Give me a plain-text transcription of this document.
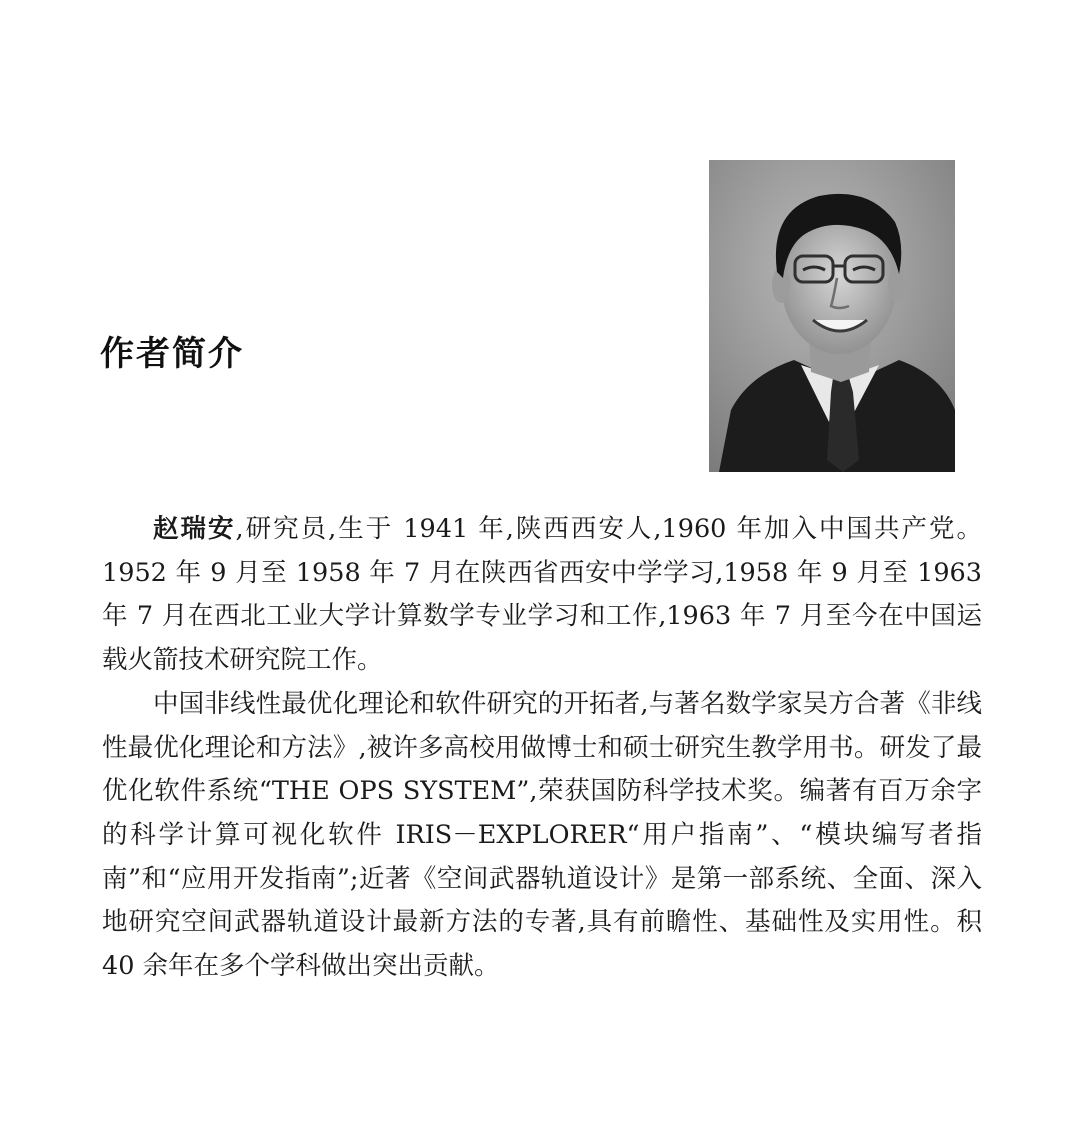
作者简介

赵瑞安,研究员,生于 1941 年,陕西西安人,1960 年加入中国共产党。1952 年 9 月至 1958 年 7 月在陕西省西安中学学习,1958 年 9 月至 1963 年 7 月在西北工业大学计算数学专业学习和工作,1963 年 7 月至今在中国运载火箭技术研究院工作。

中国非线性最优化理论和软件研究的开拓者,与著名数学家吴方合著《非线性最优化理论和方法》,被许多高校用做博士和硕士研究生教学用书。研发了最优化软件系统“THE OPS SYSTEM”,荣获国防科学技术奖。编著有百万余字的科学计算可视化软件 IRIS－EXPLORER“用户指南”、“模块编写者指南”和“应用开发指南”;近著《空间武器轨道设计》是第一部系统、全面、深入地研究空间武器轨道设计最新方法的专著,具有前瞻性、基础性及实用性。积 40 余年在多个学科做出突出贡献。
